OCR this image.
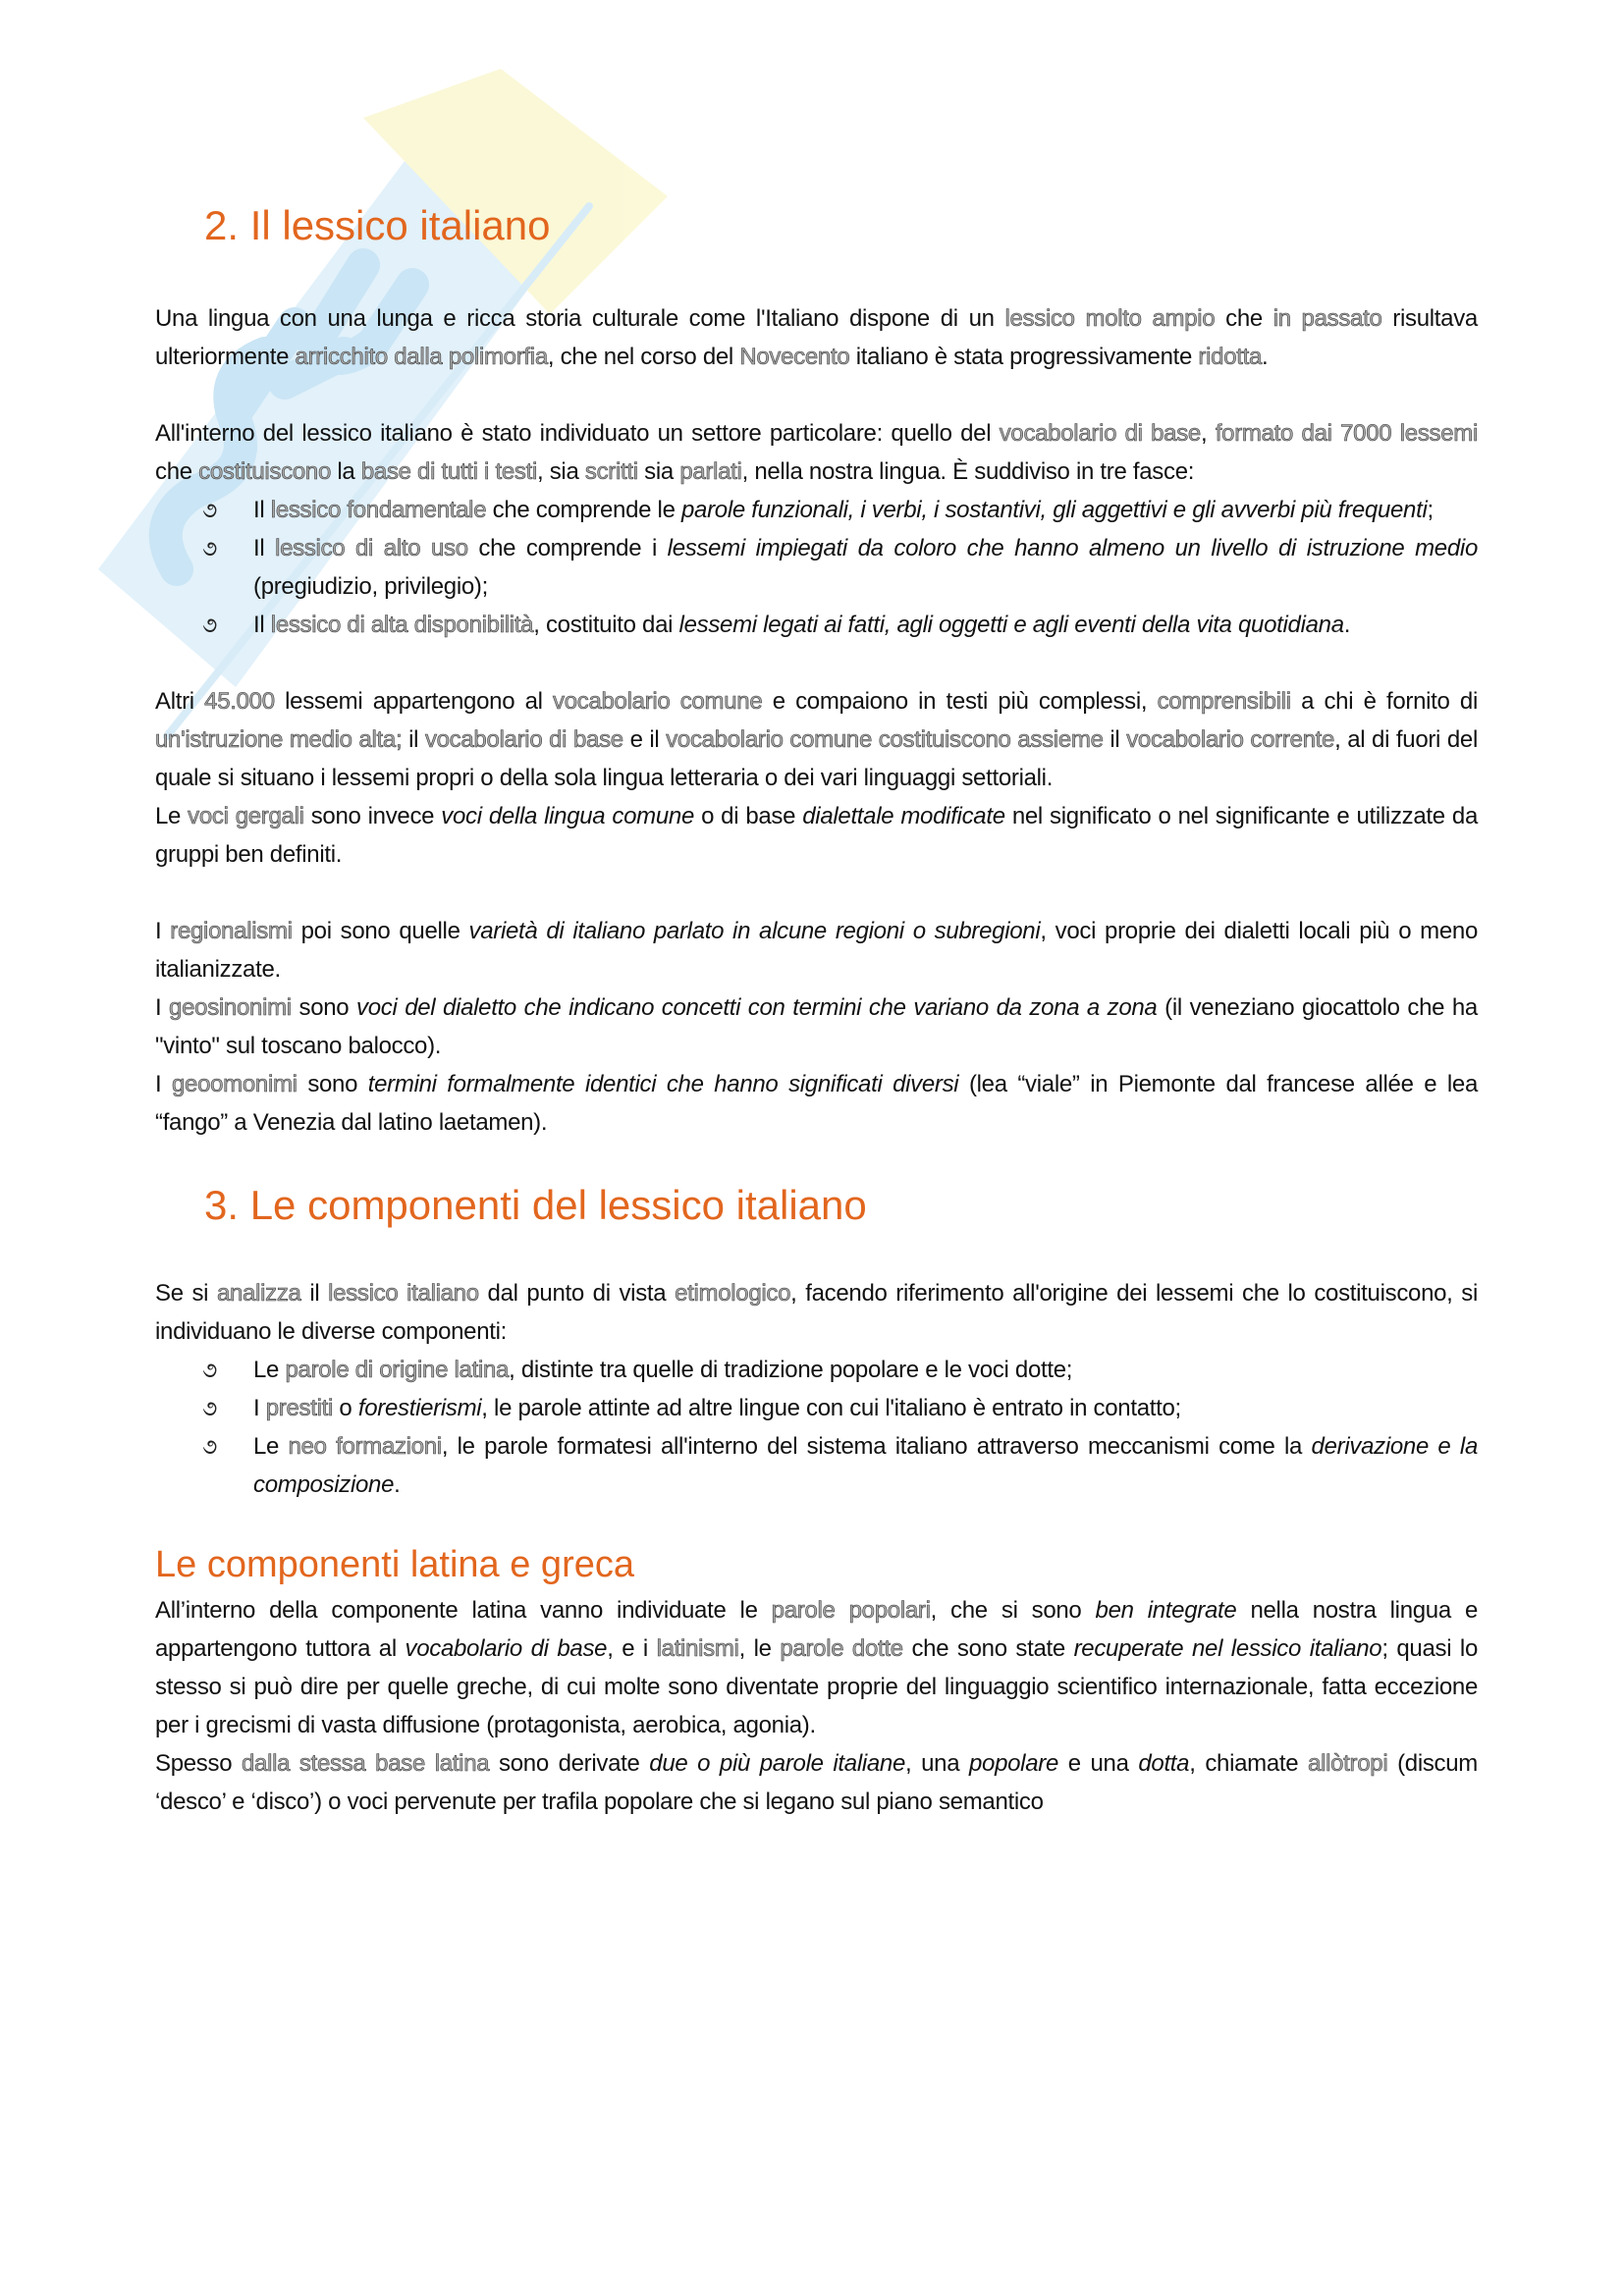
2. Il lessico italiano
Una lingua con una lunga e ricca storia culturale come l'Italiano dispone di un lessico molto ampio che in passato risultava ulteriormente arricchito dalla polimorfia, che nel corso del Novecento italiano è stata progressivamente ridotta.
All'interno del lessico italiano è stato individuato un settore particolare: quello del vocabolario di base, formato dai 7000 lessemi che costituiscono la base di tutti i testi, sia scritti sia parlati, nella nostra lingua. È suddiviso in tre fasce:
૭ Il lessico fondamentale che comprende le parole funzionali, i verbi, i sostantivi, gli aggettivi e gli avverbi più frequenti;
૭ Il lessico di alto uso che comprende i lessemi impiegati da coloro che hanno almeno un livello di istruzione medio (pregiudizio, privilegio);
૭ Il lessico di alta disponibilità, costituito dai lessemi legati ai fatti, agli oggetti e agli eventi della vita quotidiana.
Altri 45.000 lessemi appartengono al vocabolario comune e compaiono in testi più complessi, comprensibili a chi è fornito di un'istruzione medio alta; il vocabolario di base e il vocabolario comune costituiscono assieme il vocabolario corrente, al di fuori del quale si situano i lessemi propri o della sola lingua letteraria o dei vari linguaggi settoriali.
Le voci gergali sono invece voci della lingua comune o di base dialettale modificate nel significato o nel significante e utilizzate da gruppi ben definiti.
I regionalismi poi sono quelle varietà di italiano parlato in alcune regioni o subregioni, voci proprie dei dialetti locali più o meno italianizzate.
I geosinonimi sono voci del dialetto che indicano concetti con termini che variano da zona a zona (il veneziano giocattolo che ha "vinto" sul toscano balocco).
I geoomonimi sono termini formalmente identici che hanno significati diversi (lea “viale” in Piemonte dal francese allée e lea “fango” a Venezia dal latino laetamen).
3. Le componenti del lessico italiano
Se si analizza il lessico italiano dal punto di vista etimologico, facendo riferimento all'origine dei lessemi che lo costituiscono, si individuano le diverse componenti:
૭ Le parole di origine latina, distinte tra quelle di tradizione popolare e le voci dotte;
૭ I prestiti o forestierismi, le parole attinte ad altre lingue con cui l'italiano è entrato in contatto;
૭ Le neo formazioni, le parole formatesi all'interno del sistema italiano attraverso meccanismi come la derivazione e la composizione.
Le componenti latina e greca
All’interno della componente latina vanno individuate le parole popolari, che si sono ben integrate nella nostra lingua e appartengono tuttora al vocabolario di base, e i latinismi, le parole dotte che sono state recuperate nel lessico italiano; quasi lo stesso si può dire per quelle greche, di cui molte sono diventate proprie del linguaggio scientifico internazionale, fatta eccezione per i grecismi di vasta diffusione (protagonista, aerobica, agonia).
Spesso dalla stessa base latina sono derivate due o più parole italiane, una popolare e una dotta, chiamate allòtropi (discum ‘desco’ e ‘disco’) o voci pervenute per trafila popolare che si legano sul piano semantico
